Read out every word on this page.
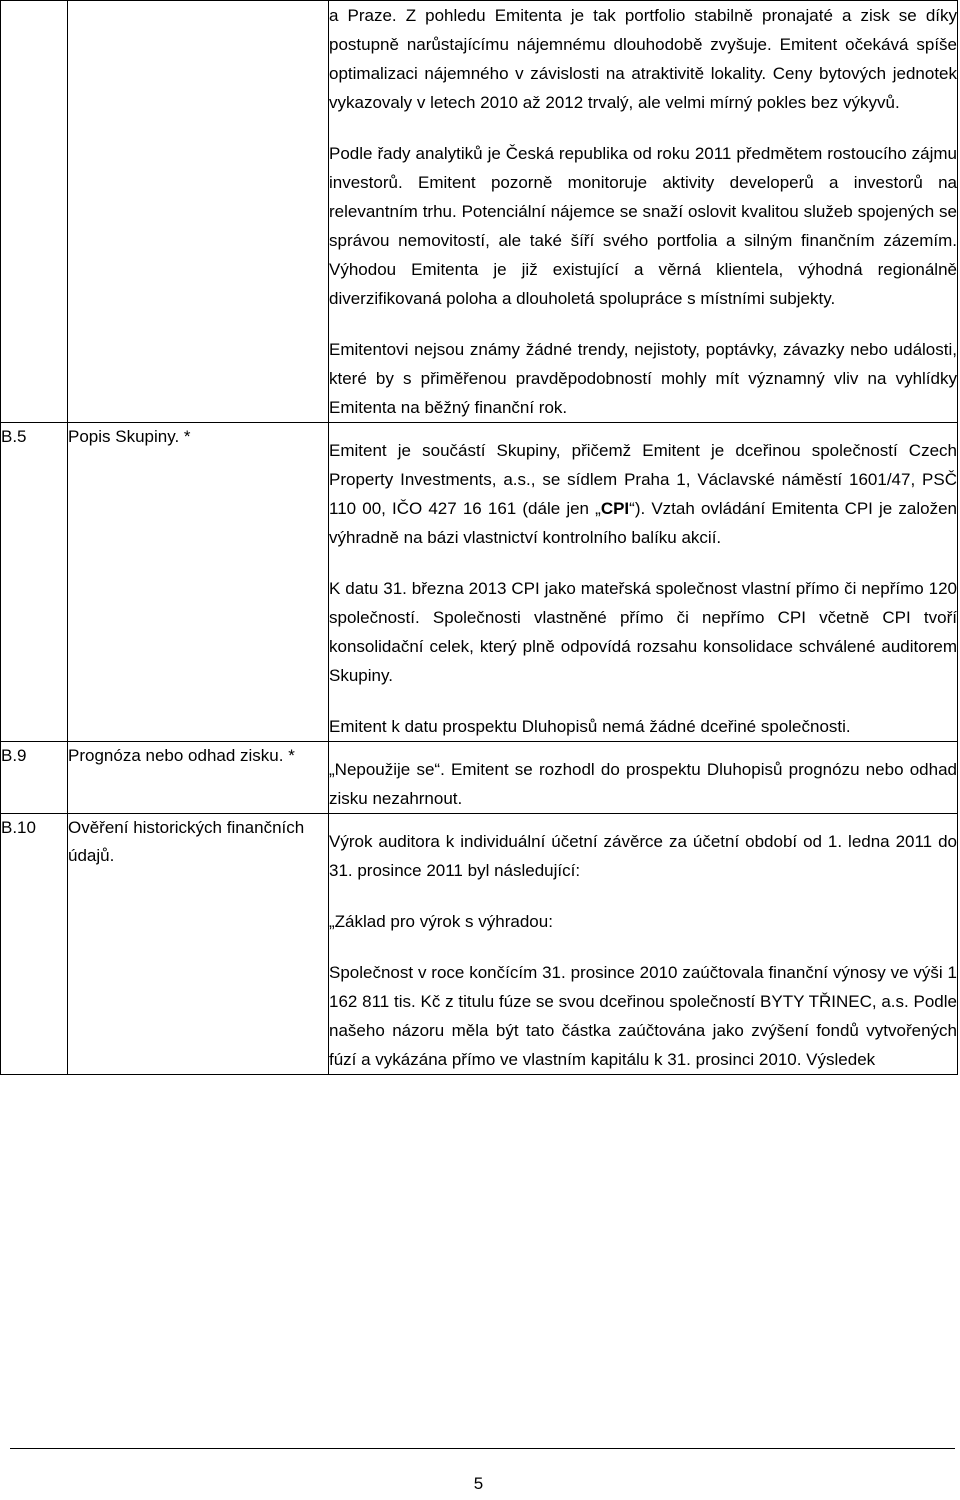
		a Praze. Z pohledu Emitenta je tak portfolio stabilně pronajaté a zisk se díky postupně narůstajícímu nájemnému dlouhodobě zvyšuje. Emitent očekává spíše optimalizaci nájemného v závislosti na atraktivitě lokality. Ceny bytových jednotek vykazovaly v letech 2010 až 2012 trvalý, ale velmi mírný pokles bez výkyvů.

Podle řady analytiků je Česká republika od roku 2011 předmětem rostoucího zájmu investorů. Emitent pozorně monitoruje aktivity developerů a investorů na relevantním trhu. Potenciální nájemce se snaží oslovit kvalitou služeb spojených se správou nemovitostí, ale také šíří svého portfolia a silným finančním zázemím. Výhodou Emitenta je již existující a věrná klientela, výhodná regionálně diverzifikovaná poloha a dlouholetá spolupráce s místními subjekty.

Emitentovi nejsou známy žádné trendy, nejistoty, poptávky, závazky nebo události, které by s přiměřenou pravděpodobností mohly mít významný vliv na vyhlídky Emitenta na běžný finanční rok.

B.5	Popis Skupiny. *	Emitent je součástí Skupiny, přičemž Emitent je dceřinou společností Czech Property Investments, a.s., se sídlem Praha 1, Václavské náměstí 1601/47, PSČ 110 00, IČO 427 16 161 (dále jen „CPI“). Vztah ovládání Emitenta CPI je založen výhradně na bázi vlastnictví kontrolního balíku akcií.

K datu 31. března 2013 CPI jako mateřská společnost vlastní přímo či nepřímo 120 společností. Společnosti vlastněné přímo či nepřímo CPI včetně CPI tvoří konsolidační celek, který plně odpovídá rozsahu konsolidace schválené auditorem Skupiny.

Emitent k datu prospektu Dluhopisů nemá žádné dceřiné společnosti.

B.9	Prognóza nebo odhad zisku. *	„Nepoužije se“. Emitent se rozhodl do prospektu Dluhopisů prognózu nebo odhad zisku nezahrnout.

B.10	Ověření historických finančních údajů.	Výrok auditora k individuální účetní závěrce za účetní období od 1. ledna 2011 do 31. prosince 2011 byl následující:

„Základ pro výrok s výhradou:

Společnost v roce končícím 31. prosince 2010 zaúčtovala finanční výnosy ve výši 1 162 811 tis. Kč z titulu fúze se svou dceřinou společností BYTY TŘINEC, a.s. Podle našeho názoru měla být tato částka zaúčtována jako zvýšení fondů vytvořených fúzí a vykázána přímo ve vlastním kapitálu k 31. prosinci 2010. Výsledek

5
